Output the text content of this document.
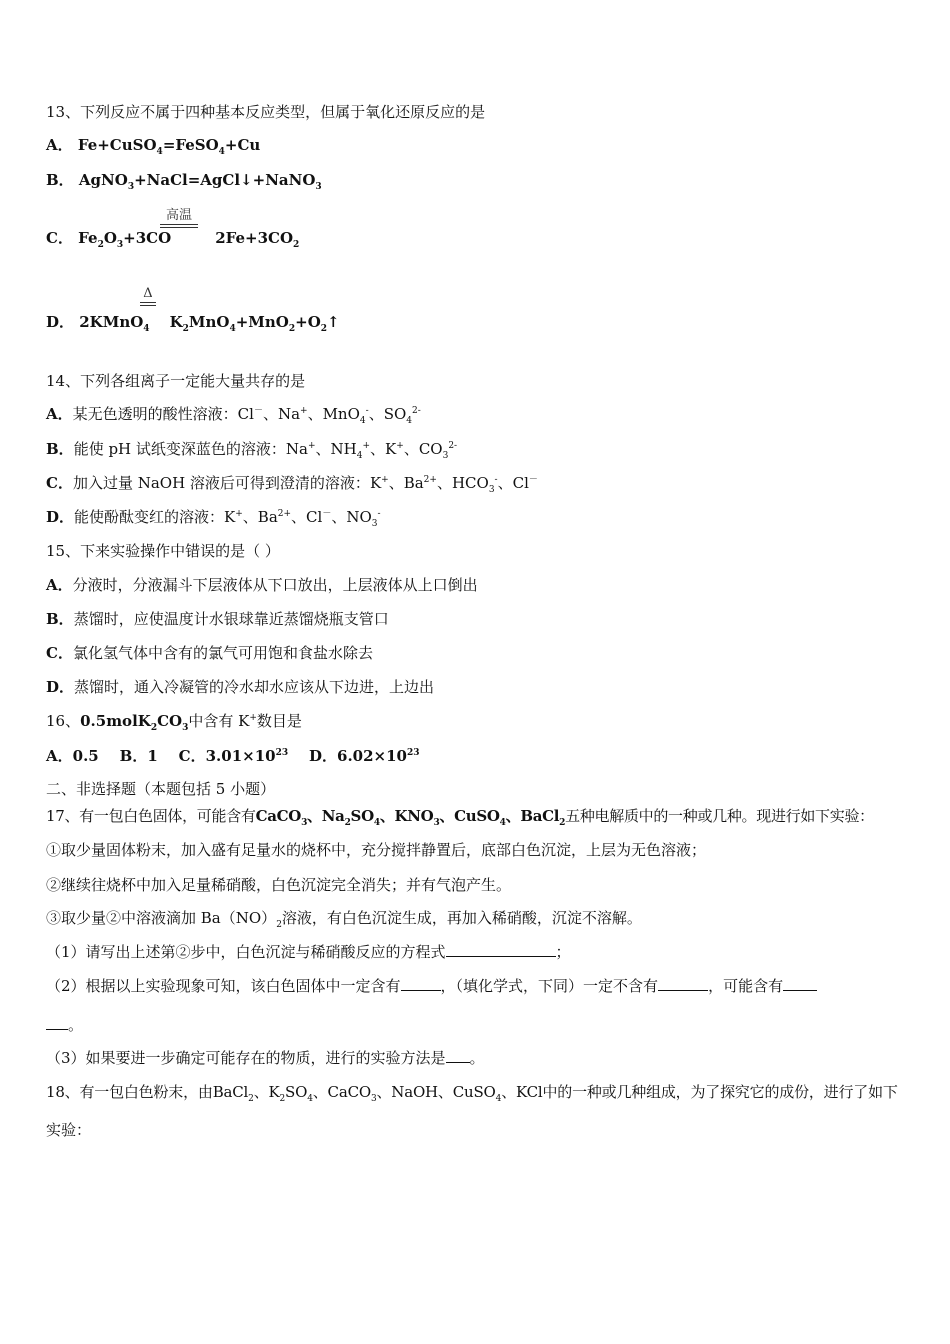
13、下列反应不属于四种基本反应类型，但属于氧化还原反应的是
A． Fe+CuSO$_4$=FeSO$_4$+Cu
B． AgNO$_3$+NaCl=AgCl↓+NaNO$_3$
高温
C． $Fe_2O_3+3CO$	$2Fe+3CO_2$
Δ
D． 2KMnO$_4$ $K_2MnO_4+MnO_2+O_2↑$
14、下列各组离子一定能大量共存的是
A．某无色透明的酸性溶液：Cl－、Na+、MnO$_4$-、$SO_4^{2-}$
B．能使 pH 试纸变深蓝色的溶液：Na+、$NH_4^+$、K+、$CO_3^{2-}$
C．加入过量 NaOH 溶液后可得到澄清的溶液：K+、$Ba^{2+}$、$HCO_3^-$、Cl－
D．能使酚酞变红的溶液：K+、$Ba^{2+}$、Cl－、$NO_3^-$
15、下来实验操作中错误的是（ ）
A．分液时，分液漏斗下层液体从下口放出，上层液体从上口倒出
B．蒸馏时，应使温度计水银球靠近蒸馏烧瓶支管口
C．氯化氢气体中含有的氯气可用饱和食盐水除去
D．蒸馏时，通入冷凝管的冷水却水应该从下边进，上边出
16、$0.5molK_2CO_3$中含有 K+数目是
A．0.5 B．1 C．$3.01\times 10^{23}$ D．$6.02\times 10^{23}$
二、非选择题（本题包括 5 小题）
17、有一包白色固体，可能含有CaCO$_3$、$Na_2SO_4$、$KNO_3$、CuSO$_4$、BaCl$_2$五种电解质中的一种或几种。现进行如下实验：
①取少量固体粉末，加入盛有足量水的烧杯中，充分搅拌静置后，底部白色沉淀，上层为无色溶液；
②继续往烧杯中加入足量稀硝酸，白色沉淀完全消失；并有气泡产生。
③取少量②中溶液滴加 $Ba(NO)_2$溶液，有白色沉淀生成，再加入稀硝酸，沉淀不溶解。
（1）请写出上述第②步中，白色沉淀与稀硝酸反应的方程式	；
（2）根据以上实验现象可知，该白色固体中一定含有	，（填化学式，下同）一定不含有	，可能含有
。
（3）如果要进一步确定可能存在的物质，进行的实验方法是 。
18、有一包白色粉末，由BaCl$_2$、$K_2SO_4$、CaCO$_3$、NaOH、CuSO$_4$、KCl中的一种或几种组成，为了探究它的成份，进行了如下
实验：
